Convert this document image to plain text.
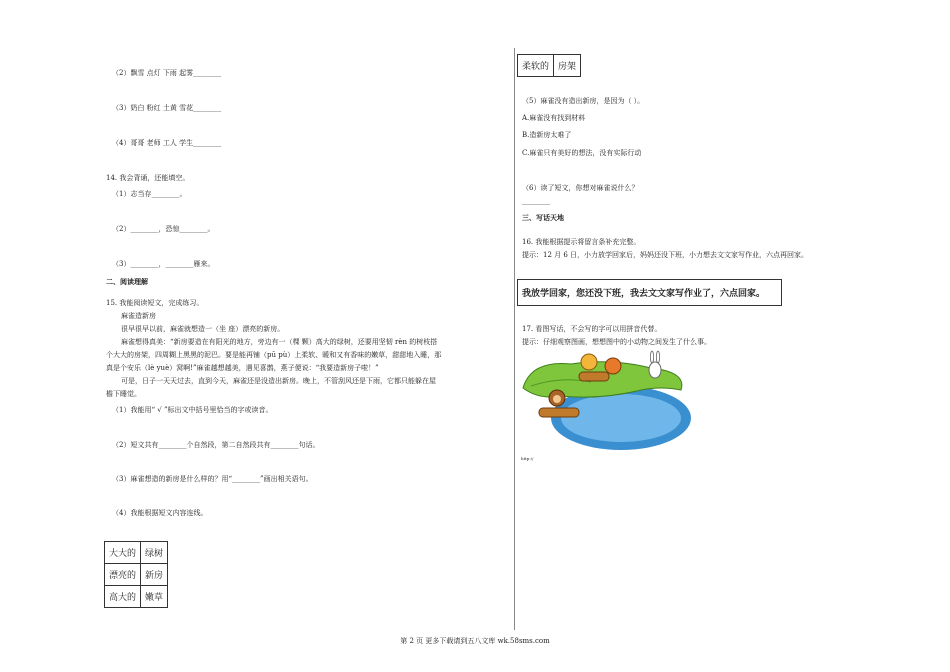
（2）飘雪 点灯 下雨 起雾________
（3）奶白 粉红 土黄 雪花________
（4）哥哥 老师 工人 学生________
14. 我会背诵，还能填空。
（1）志当存________。
（2）________，恐惊________。
（3）________，________雁来。
二、阅读理解
15. 我能阅读短文，完成练习。
麻雀造新房
很早很早以前，麻雀就想造一（坐 座）漂亮的新房。
麻雀想得真美：“新房要造在有阳光的地方，旁边有一（棵 颗）高大的绿树，还要用坚韧 rèn 的树枝搭
个大大的房架，四周糊上黑黑的泥巴。要是能再铺（pū pù）上柔软、暖和又有香味的嫩草，甜甜地入睡，那
真是个安乐（lè yuè）窝啊!”麻雀越想越美，遇见喜鹊，燕子便说：“我要造新房子啦！”
可是，日子一天天过去，直到今天，麻雀还是没造出新房。晚上，不管刮风还是下雨，它都只能躲在屋
檐下睡觉。
（1）我能用“ √ ”标出文中括号里恰当的字或读音。
（2）短文共有________个自然段，第二自然段共有________句话。
（3）麻雀想造的新房是什么样的？用“________”画出相关语句。
（4）我能根据短文内容连线。
大大的	绿树
漂亮的	新房
高大的	嫩草
柔软的	房架
（5）麻雀没有造出新房，是因为（ ）。
A.麻雀没有找到材料
B.造新房太难了
C.麻雀只有美好的想法，没有实际行动
（6）读了短文，你想对麻雀说什么？
________
三、写话天地
16. 我能根据提示将留言条补充完整。
提示：12 月 6 日，小力放学回家后，妈妈还没下班，小力想去文文家写作业，六点再回家。
我放学回家，您还没下班，我去文文家写作业了，六点回家。
17. 看图写话，不会写的字可以用拼音代替。
提示：仔细观察图画，想想图中的小动物之间发生了什么事。
http://
第 2 页 更多下载请到五八文库 wk.58sms.com
